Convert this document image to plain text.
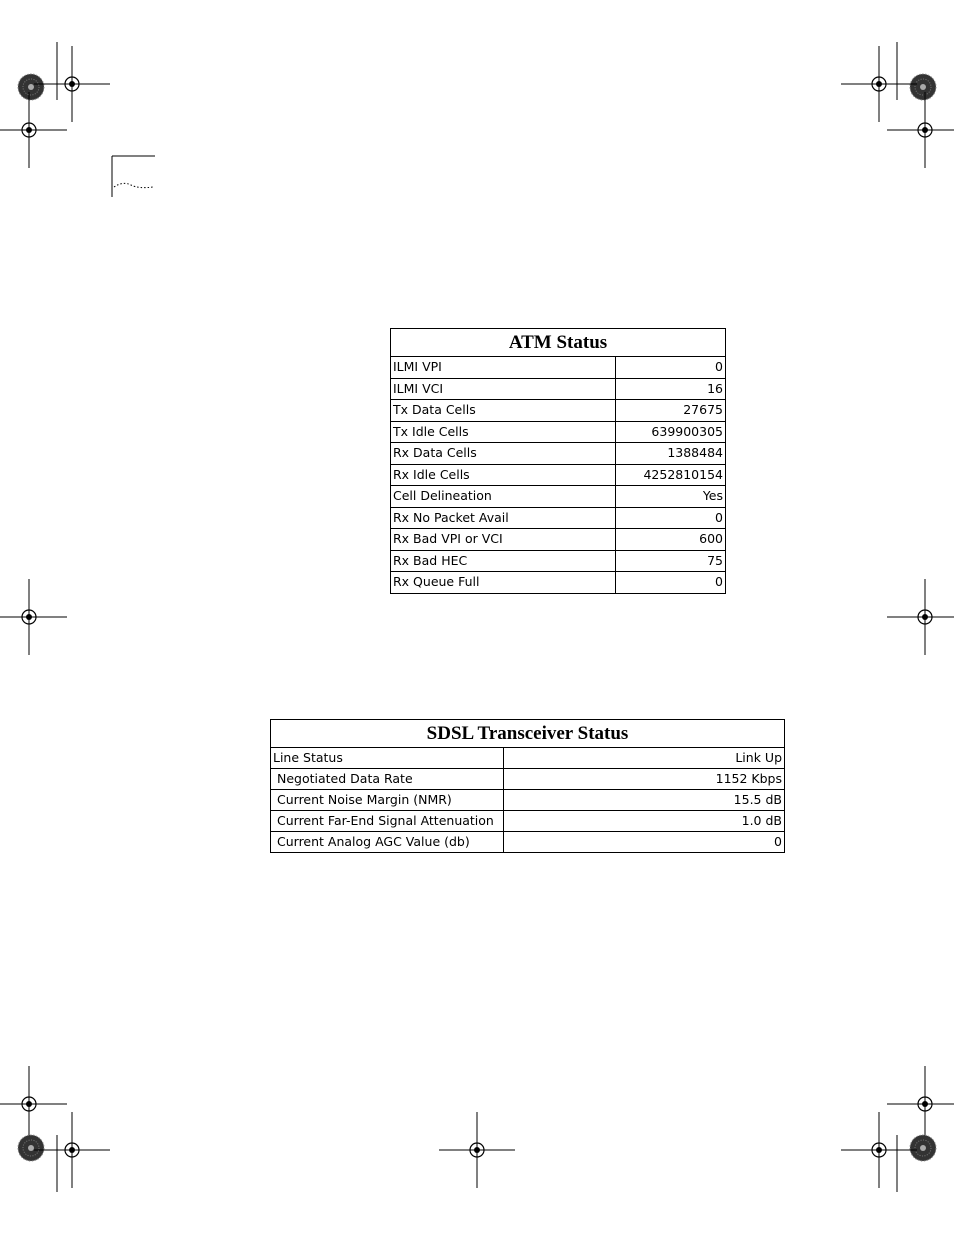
ATM Status	
ILMI VPI	0
ILMI VCI	16
Tx Data Cells	27675
Tx Idle Cells	639900305
Rx Data Cells	1388484
Rx Idle Cells	4252810154
Cell Delineation	Yes
Rx No Packet Avail	0
Rx Bad VPI or VCI	600
Rx Bad HEC	75
Rx Queue Full	0
SDSL Transceiver Status	
Line Status	Link Up
Negotiated Data Rate	1152 Kbps
Current Noise Margin (NMR)	15.5 dB
Current Far-End Signal Attenuation	1.0 dB
Current Analog AGC Value (db)	0
